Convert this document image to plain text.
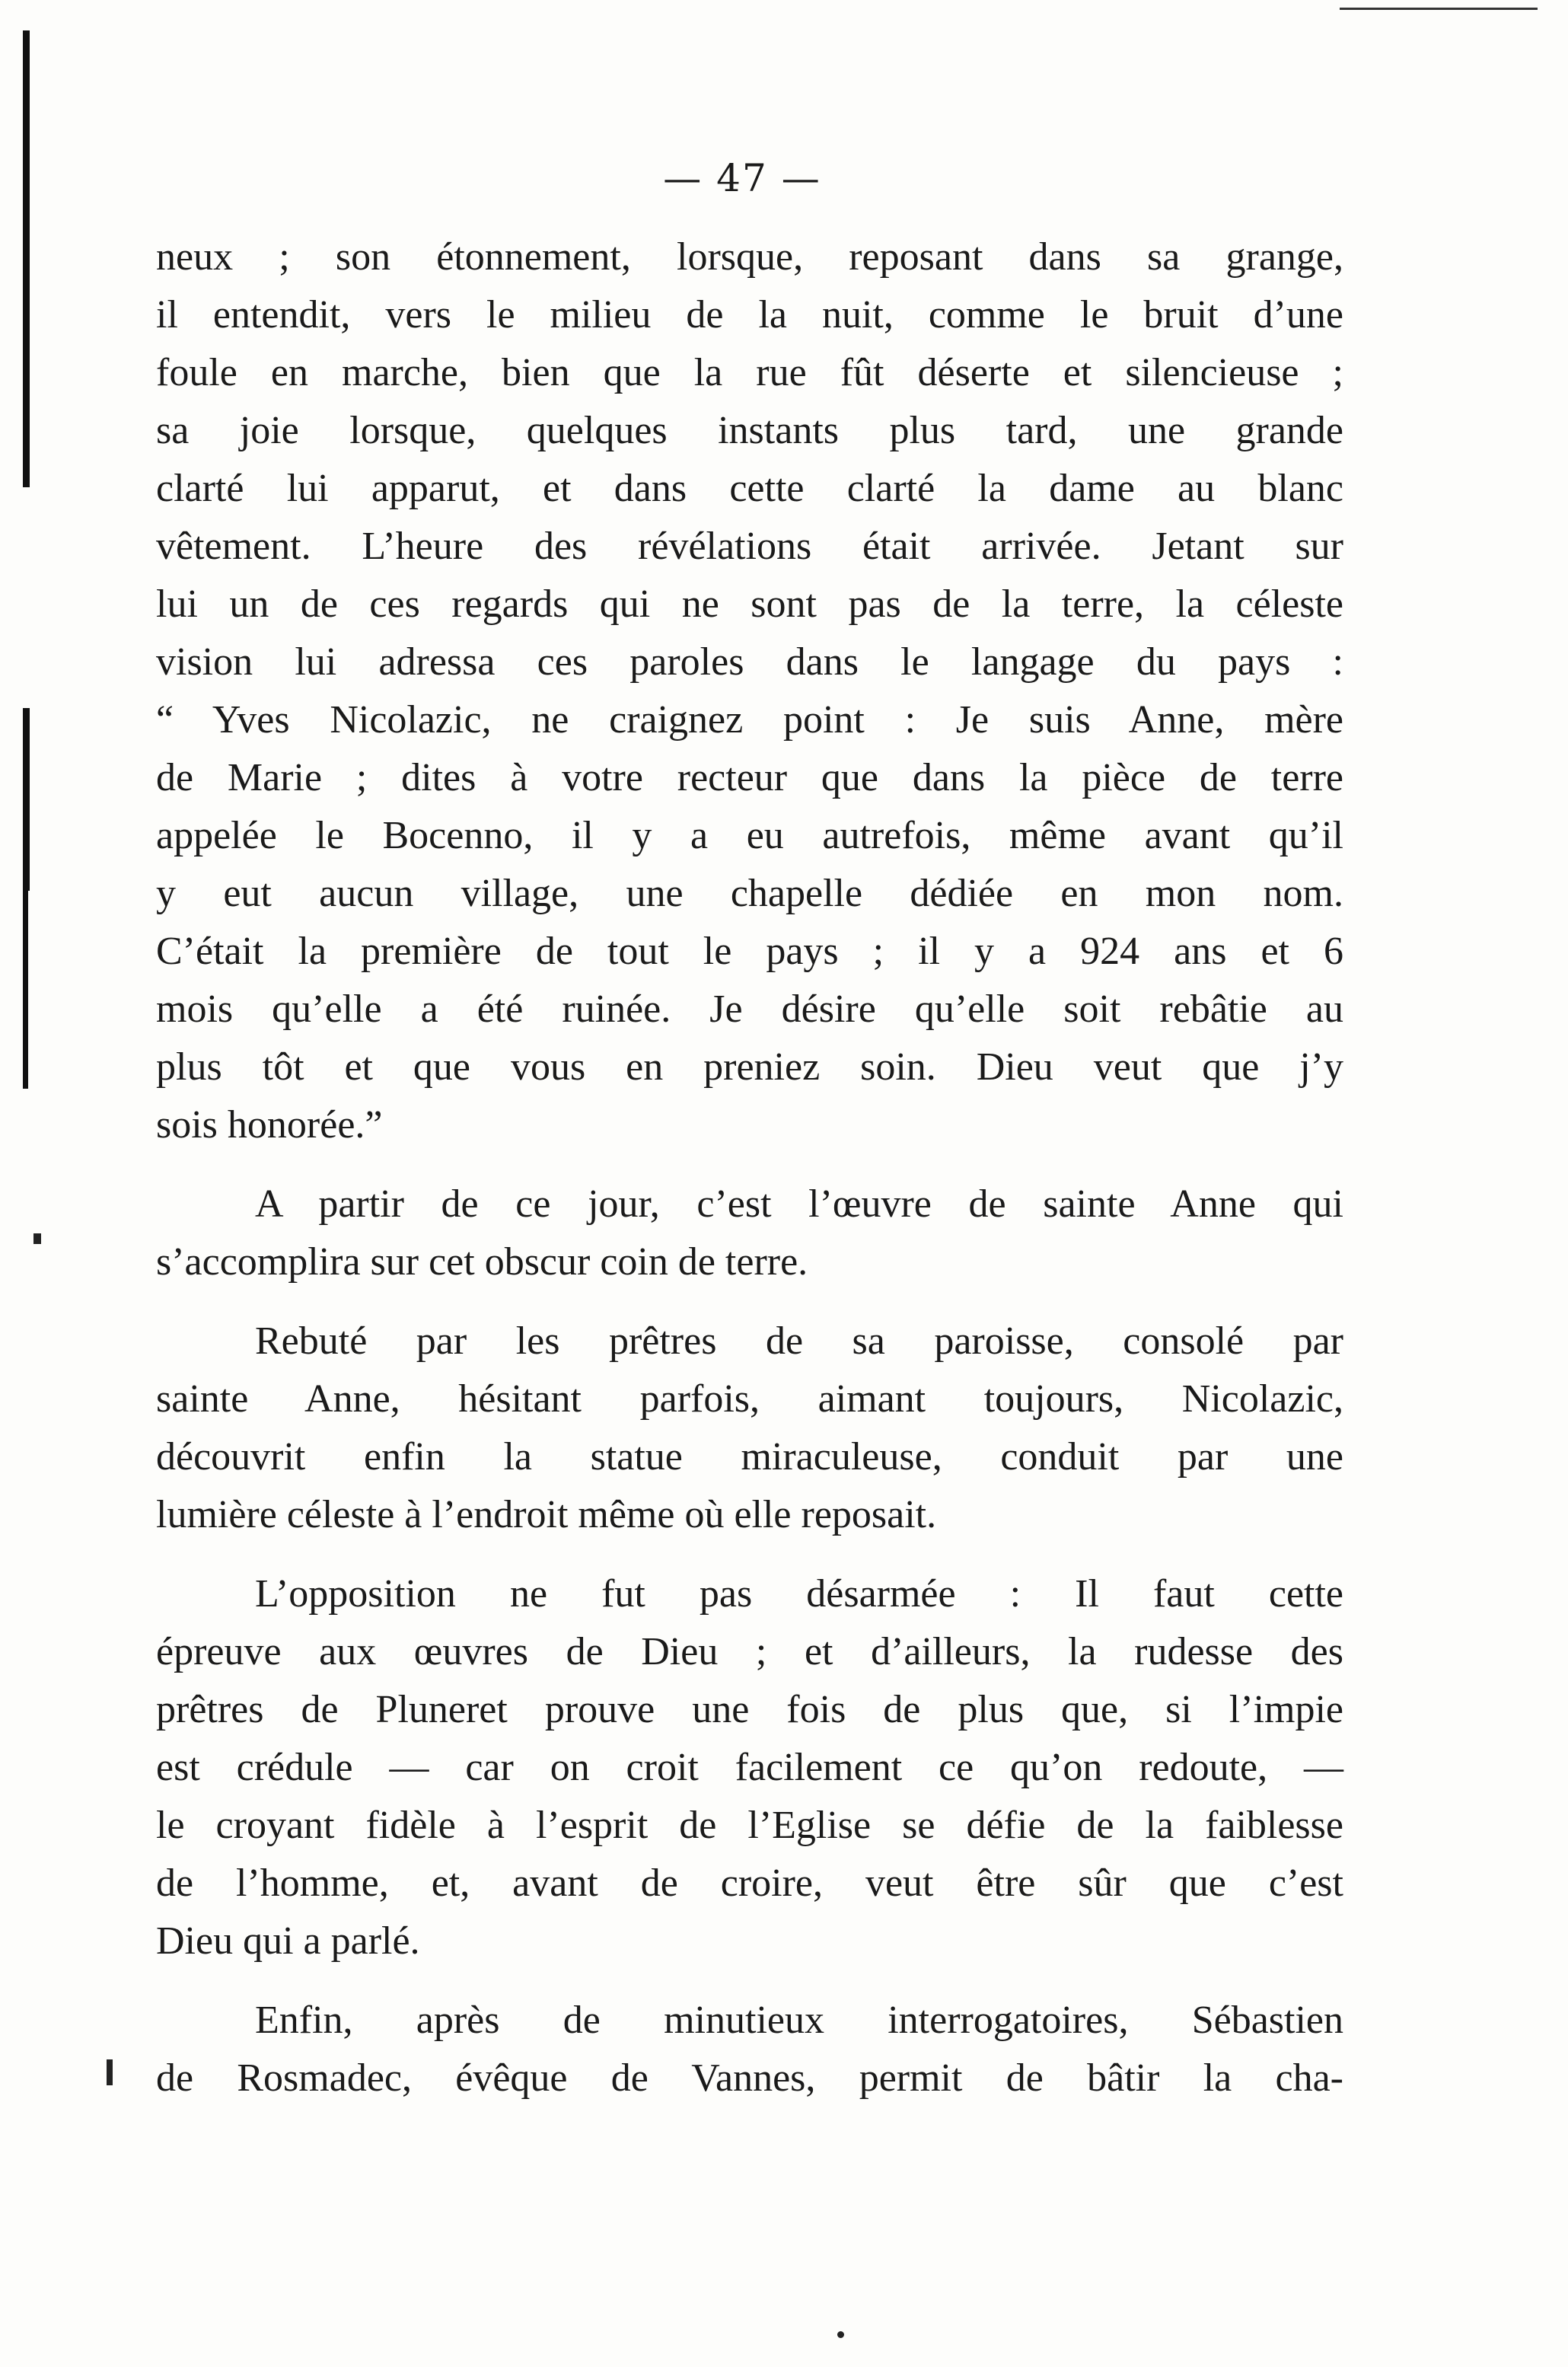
— 47 —

neux ; son étonnement, lorsque, reposant dans sa grange,
il entendit, vers le milieu de la nuit, comme le bruit d’une
foule en marche, bien que la rue fût déserte et silencieuse ;
sa joie lorsque, quelques instants plus tard, une grande
clarté lui apparut, et dans cette clarté la dame au blanc
vêtement. L’heure des révélations était arrivée. Jetant sur
lui un de ces regards qui ne sont pas de la terre, la céleste
vision lui adressa ces paroles dans le langage du pays :
“ Yves Nicolazic, ne craignez point : Je suis Anne, mère
de Marie ; dites à votre recteur que dans la pièce de terre
appelée le Bocenno, il y a eu autrefois, même avant qu’il
y eut aucun village, une chapelle dédiée en mon nom.
C’était la première de tout le pays ; il y a 924 ans et 6
mois qu’elle a été ruinée. Je désire qu’elle soit rebâtie au
plus tôt et que vous en preniez soin. Dieu veut que j’y
sois honorée.”

A partir de ce jour, c’est l’œuvre de sainte Anne qui
s’accomplira sur cet obscur coin de terre.

Rebuté par les prêtres de sa paroisse, consolé par
sainte Anne, hésitant parfois, aimant toujours, Nicolazic,
découvrit enfin la statue miraculeuse, conduit par une
lumière céleste à l’endroit même où elle reposait.

L’opposition ne fut pas désarmée : Il faut cette
épreuve aux œuvres de Dieu ; et d’ailleurs, la rudesse des
prêtres de Pluneret prouve une fois de plus que, si l’impie
est crédule — car on croit facilement ce qu’on redoute, —
le croyant fidèle à l’esprit de l’Eglise se défie de la faiblesse
de l’homme, et, avant de croire, veut être sûr que c’est
Dieu qui a parlé.

Enfin, après de minutieux interrogatoires, Sébastien
de Rosmadec, évêque de Vannes, permit de bâtir la cha-
